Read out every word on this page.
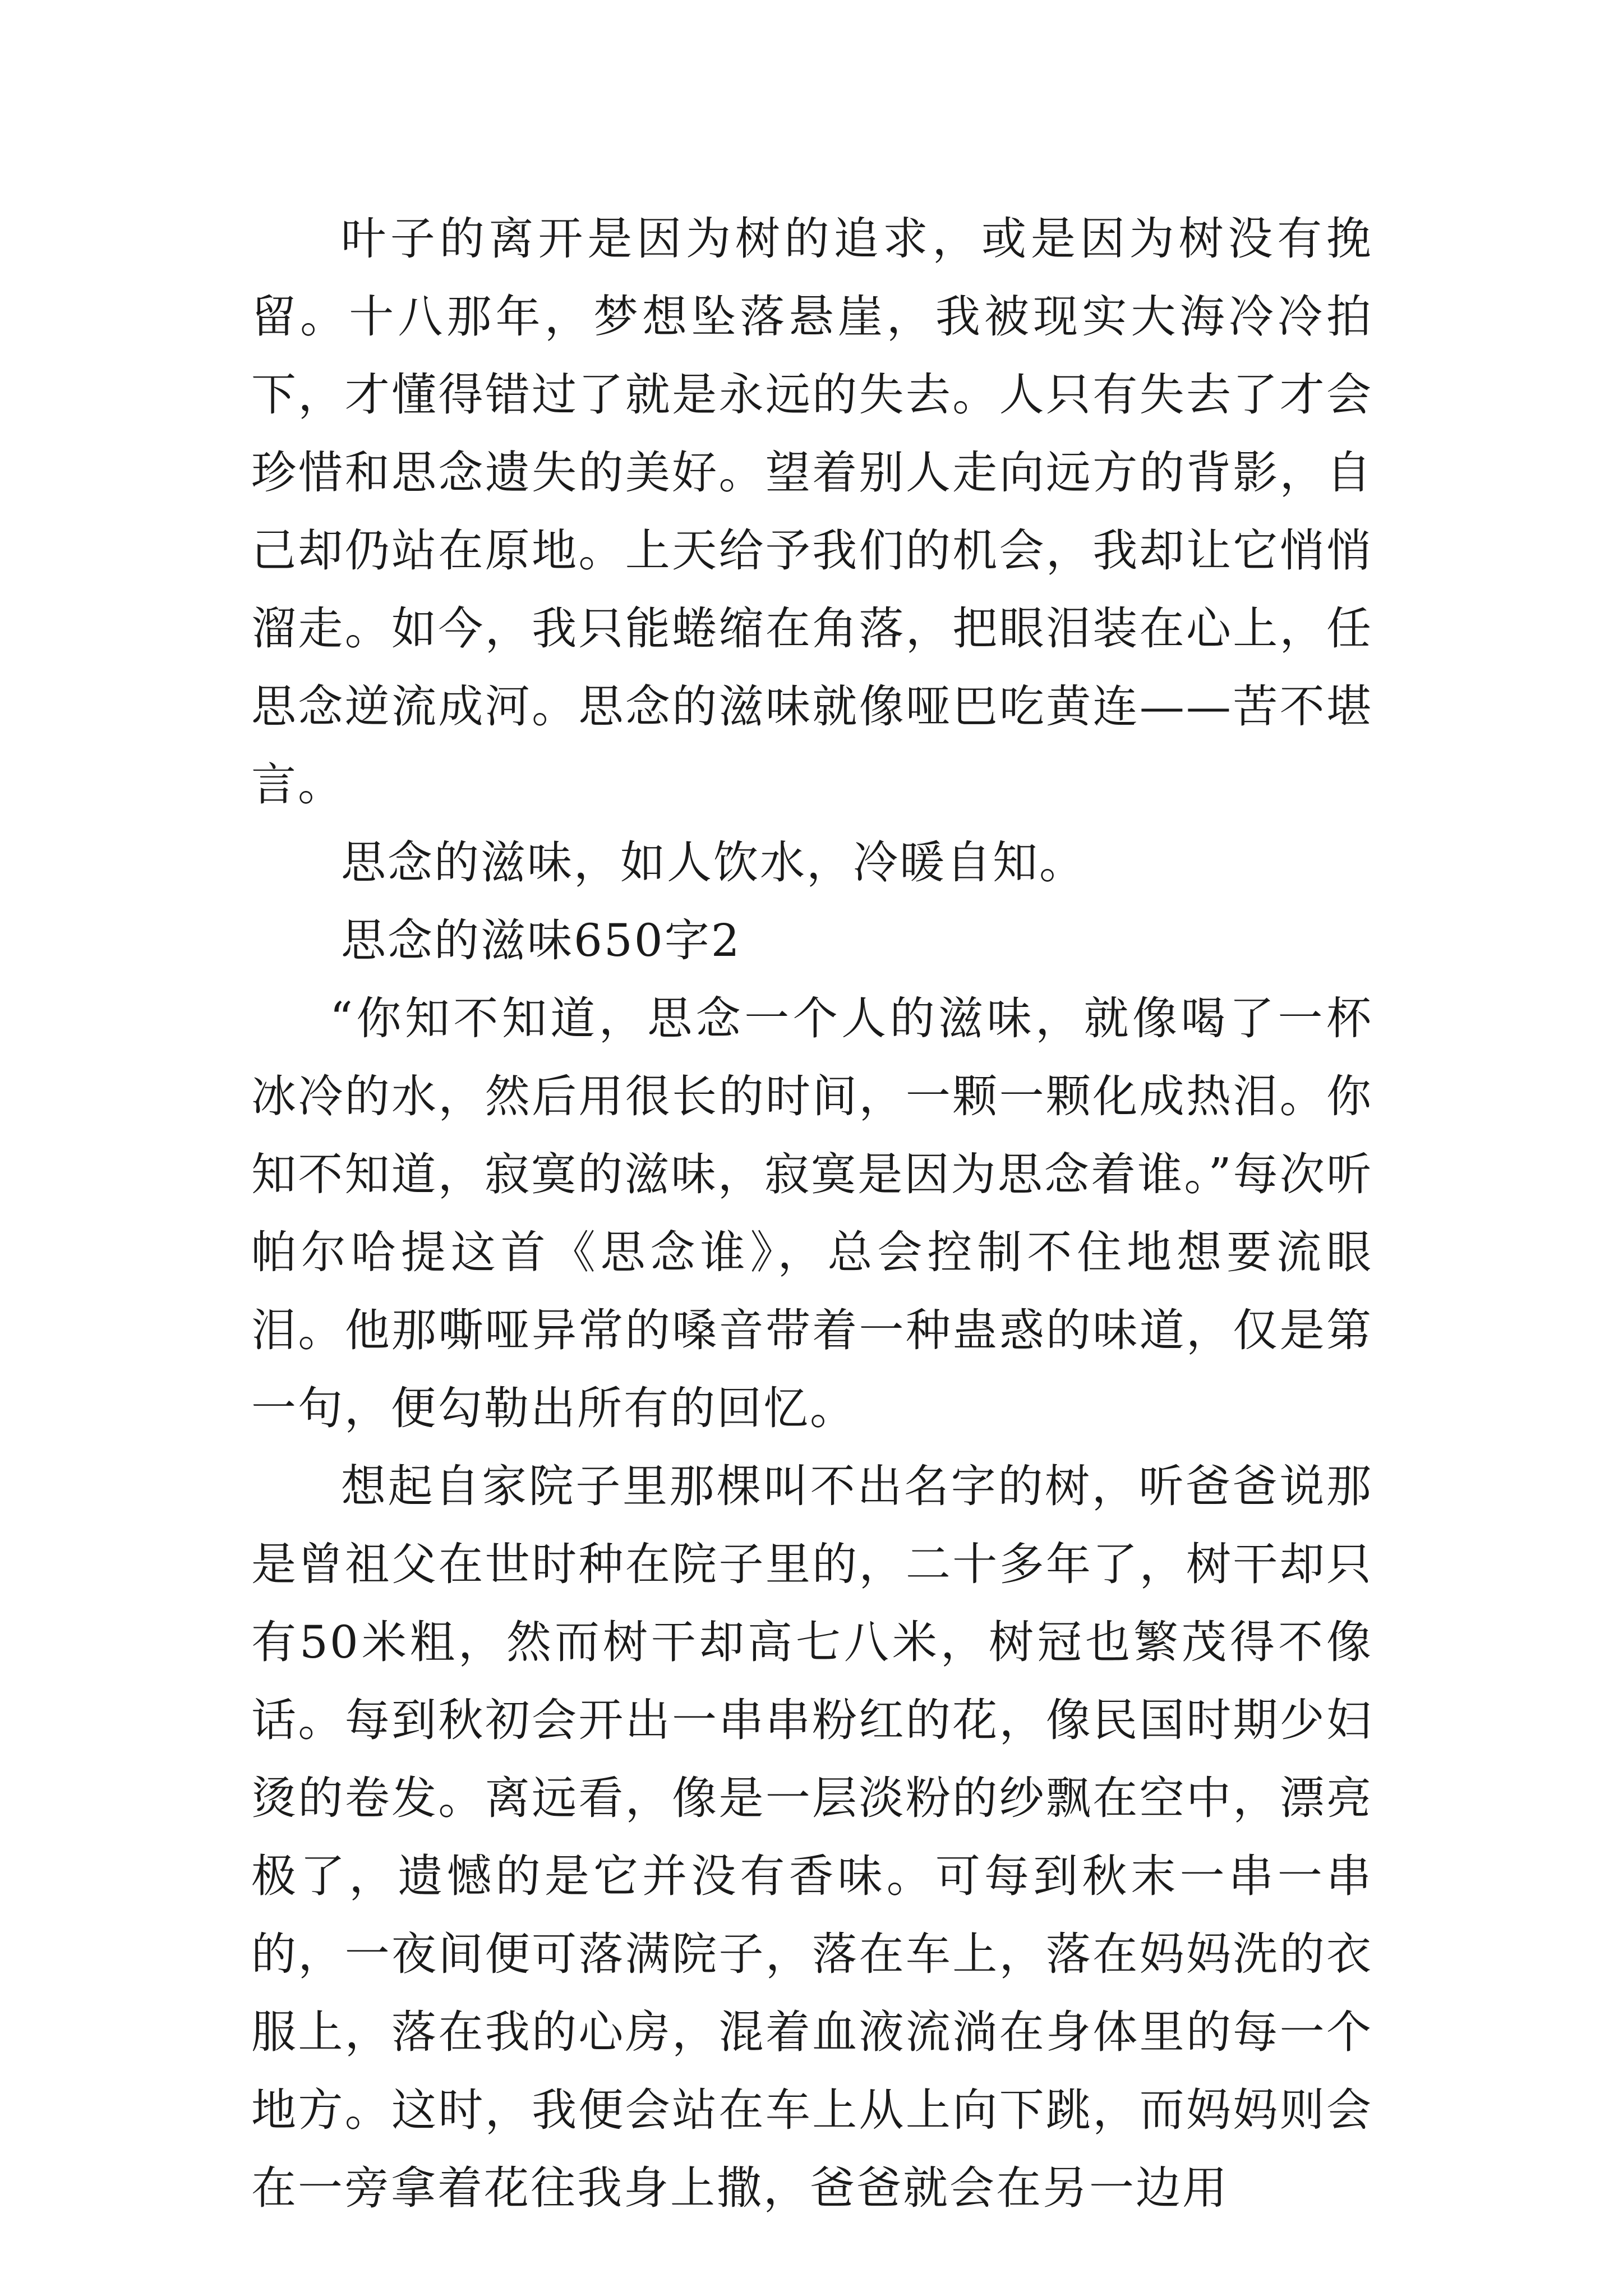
叶子的离开是因为树的追求，或是因为树没有挽留。十八那年，梦想坠落悬崖，我被现实大海冷冷拍下，才懂得错过了就是永远的失去。人只有失去了才会珍惜和思念遗失的美好。望着别人走向远方的背影，自己却仍站在原地。上天给予我们的机会，我却让它悄悄溜走。如今，我只能蜷缩在角落，把眼泪装在心上，任思念逆流成河。思念的滋味就像哑巴吃黄连——苦不堪言。

思念的滋味，如人饮水，冷暖自知。

思念的滋味650字2

“你知不知道，思念一个人的滋味，就像喝了一杯冰冷的水，然后用很长的时间，一颗一颗化成热泪。你知不知道，寂寞的滋味，寂寞是因为思念着谁。”每次听帕尔哈提这首《思念谁》，总会控制不住地想要流眼泪。他那嘶哑异常的嗓音带着一种蛊惑的味道，仅是第一句，便勾勒出所有的回忆。

想起自家院子里那棵叫不出名字的树，听爸爸说那是曾祖父在世时种在院子里的，二十多年了，树干却只有50米粗，然而树干却高七八米，树冠也繁茂得不像话。每到秋初会开出一串串粉红的花，像民国时期少妇烫的卷发。离远看，像是一层淡粉的纱飘在空中，漂亮极了，遗憾的是它并没有香味。可每到秋末一串一串的，一夜间便可落满院子，落在车上，落在妈妈洗的衣服上，落在我的心房，混着血液流淌在身体里的每一个地方。这时，我便会站在车上从上向下跳，而妈妈则会在一旁拿着花往我身上撒，爸爸就会在另一边用
